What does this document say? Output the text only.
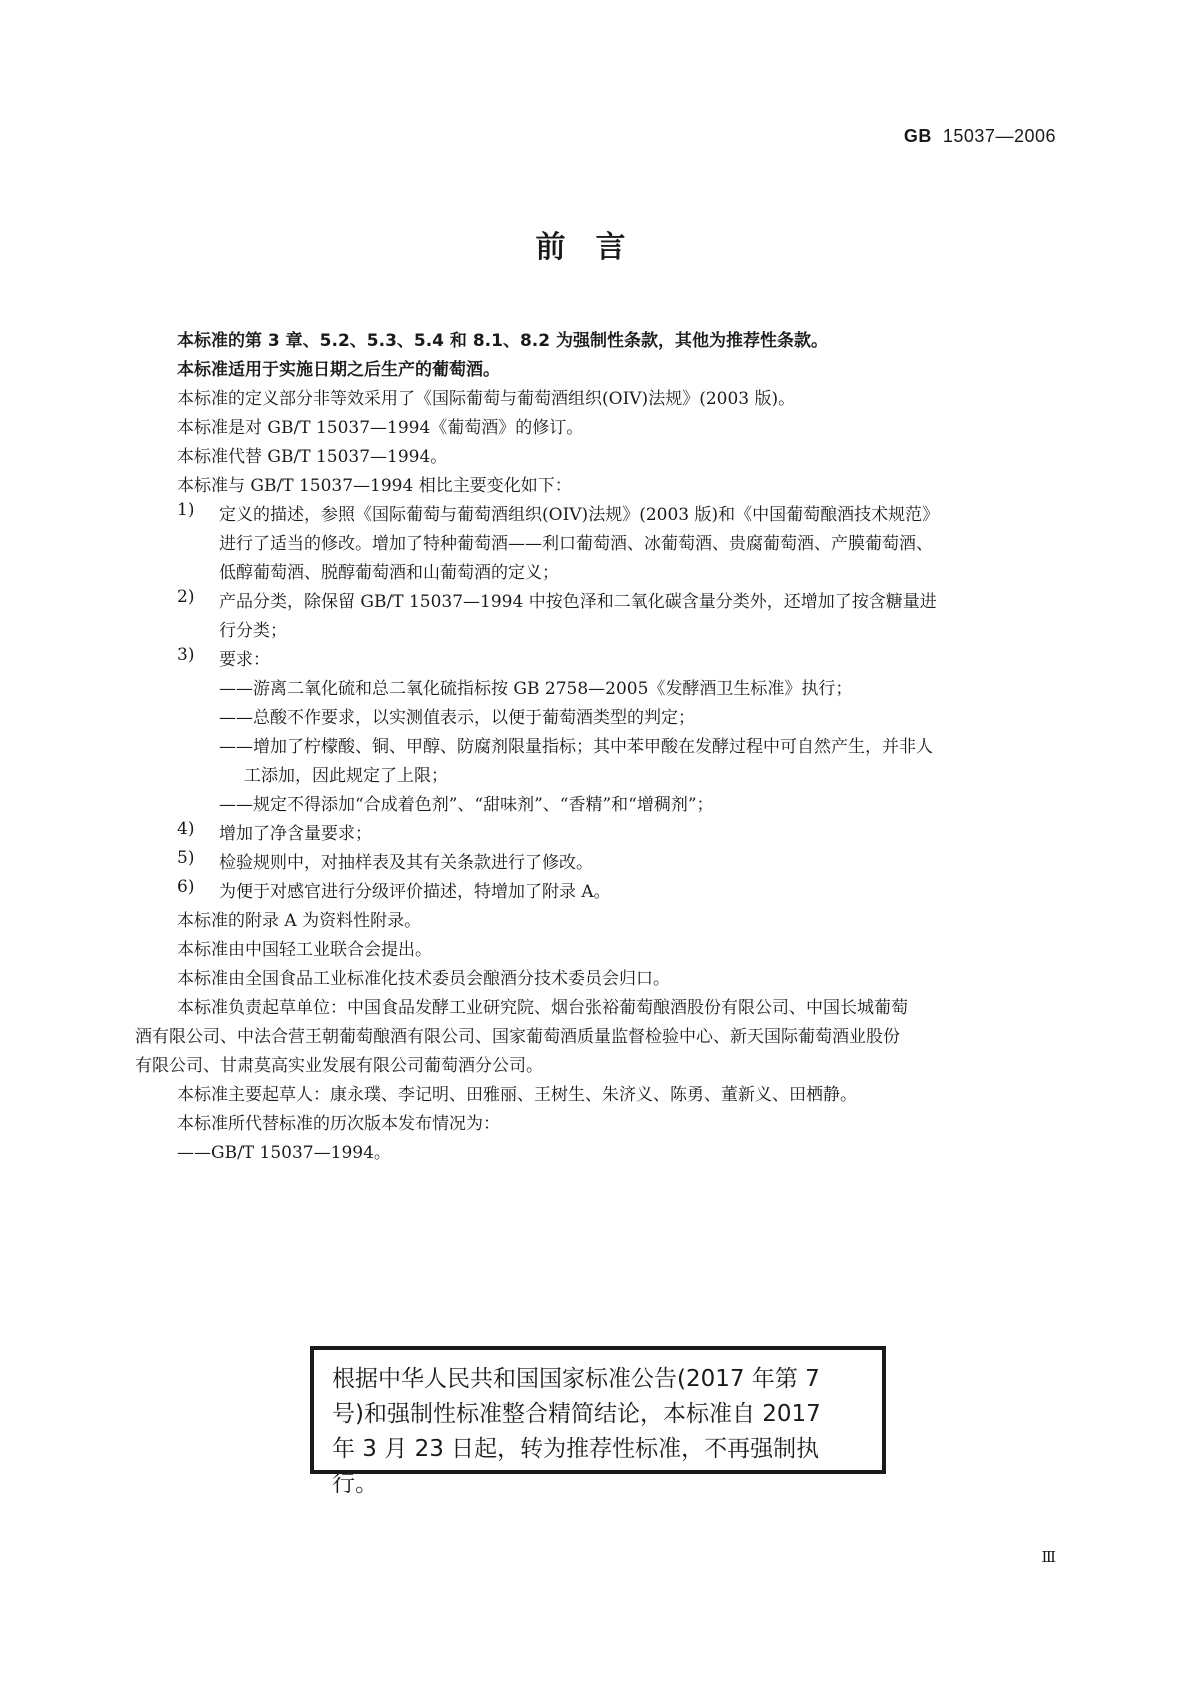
GB 15037—2006
前言
本标准的第 3 章、5.2、5.3、5.4 和 8.1、8.2 为强制性条款，其他为推荐性条款。
本标准适用于实施日期之后生产的葡萄酒。
本标准的定义部分非等效采用了《国际葡萄与葡萄酒组织(OIV)法规》(2003 版)。
本标准是对 GB/T 15037—1994《葡萄酒》的修订。
本标准代替 GB/T 15037—1994。
本标准与 GB/T 15037—1994 相比主要变化如下：
1) 定义的描述，参照《国际葡萄与葡萄酒组织(OIV)法规》(2003 版)和《中国葡萄酿酒技术规范》
进行了适当的修改。增加了特种葡萄酒——利口葡萄酒、冰葡萄酒、贵腐葡萄酒、产膜葡萄酒、
低醇葡萄酒、脱醇葡萄酒和山葡萄酒的定义；
2) 产品分类，除保留 GB/T 15037—1994 中按色泽和二氧化碳含量分类外，还增加了按含糖量进
行分类；
3) 要求：
——游离二氧化硫和总二氧化硫指标按 GB 2758—2005《发酵酒卫生标准》执行；
——总酸不作要求，以实测值表示，以便于葡萄酒类型的判定；
——增加了柠檬酸、铜、甲醇、防腐剂限量指标；其中苯甲酸在发酵过程中可自然产生，并非人
工添加，因此规定了上限；
——规定不得添加“合成着色剂”、“甜味剂”、“香精”和“增稠剂”；
4) 增加了净含量要求；
5) 检验规则中，对抽样表及其有关条款进行了修改。
6) 为便于对感官进行分级评价描述，特增加了附录 A。
本标准的附录 A 为资料性附录。
本标准由中国轻工业联合会提出。
本标准由全国食品工业标准化技术委员会酿酒分技术委员会归口。
本标准负责起草单位：中国食品发酵工业研究院、烟台张裕葡萄酿酒股份有限公司、中国长城葡萄
酒有限公司、中法合营王朝葡萄酿酒有限公司、国家葡萄酒质量监督检验中心、新天国际葡萄酒业股份
有限公司、甘肃莫高实业发展有限公司葡萄酒分公司。
本标准主要起草人：康永璞、李记明、田雅丽、王树生、朱济义、陈勇、董新义、田栖静。
本标准所代替标准的历次版本发布情况为：
——GB/T 15037—1994。
根据中华人民共和国国家标准公告(2017 年第 7
号)和强制性标准整合精简结论，本标准自 2017
年 3 月 23 日起，转为推荐性标准，不再强制执行。
Ⅲ
